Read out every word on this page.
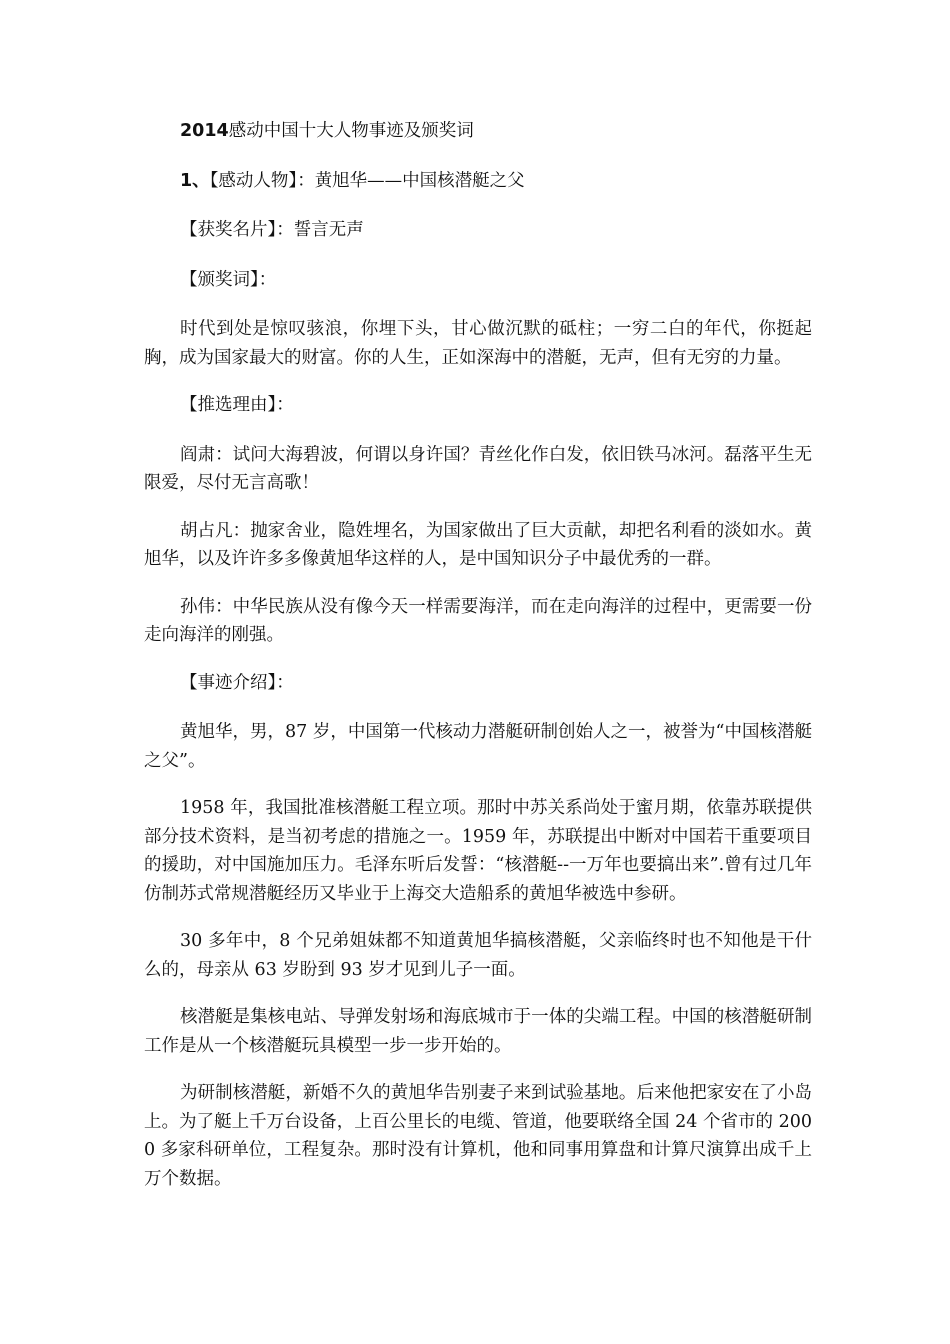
2014感动中国十大人物事迹及颁奖词
1、【感动人物】：黄旭华——中国核潜艇之父
【获奖名片】：誓言无声
【颁奖词】：

时代到处是惊叹骇浪，你埋下头，甘心做沉默的砥柱；一穷二白的年代，你挺起胸，成为国家最大的财富。你的人生，正如深海中的潜艇，无声，但有无穷的力量。

【推选理由】：

阎肃：试问大海碧波，何谓以身许国？青丝化作白发，依旧铁马冰河。磊落平生无限爱，尽付无言高歌！

胡占凡：抛家舍业，隐姓埋名，为国家做出了巨大贡献，却把名利看的淡如水。黄旭华，以及许许多多像黄旭华这样的人，是中国知识分子中最优秀的一群。

孙伟：中华民族从没有像今天一样需要海洋，而在走向海洋的过程中，更需要一份走向海洋的刚强。

【事迹介绍】：

黄旭华，男，87 岁，中国第一代核动力潜艇研制创始人之一，被誉为“中国核潜艇之父”。

1958 年，我国批准核潜艇工程立项。那时中苏关系尚处于蜜月期，依靠苏联提供部分技术资料，是当初考虑的措施之一。1959 年，苏联提出中断对中国若干重要项目的援助，对中国施加压力。毛泽东听后发誓：“核潜艇--一万年也要搞出来”.曾有过几年仿制苏式常规潜艇经历又毕业于上海交大造船系的黄旭华被选中参研。

30 多年中，8 个兄弟姐妹都不知道黄旭华搞核潜艇，父亲临终时也不知他是干什么的，母亲从 63 岁盼到 93 岁才见到儿子一面。

核潜艇是集核电站、导弹发射场和海底城市于一体的尖端工程。中国的核潜艇研制工作是从一个核潜艇玩具模型一步一步开始的。

为研制核潜艇，新婚不久的黄旭华告别妻子来到试验基地。后来他把家安在了小岛上。为了艇上千万台设备，上百公里长的电缆、管道，他要联络全国 24 个省市的 2000 多家科研单位，工程复杂。那时没有计算机，他和同事用算盘和计算尺演算出成千上万个数据。
